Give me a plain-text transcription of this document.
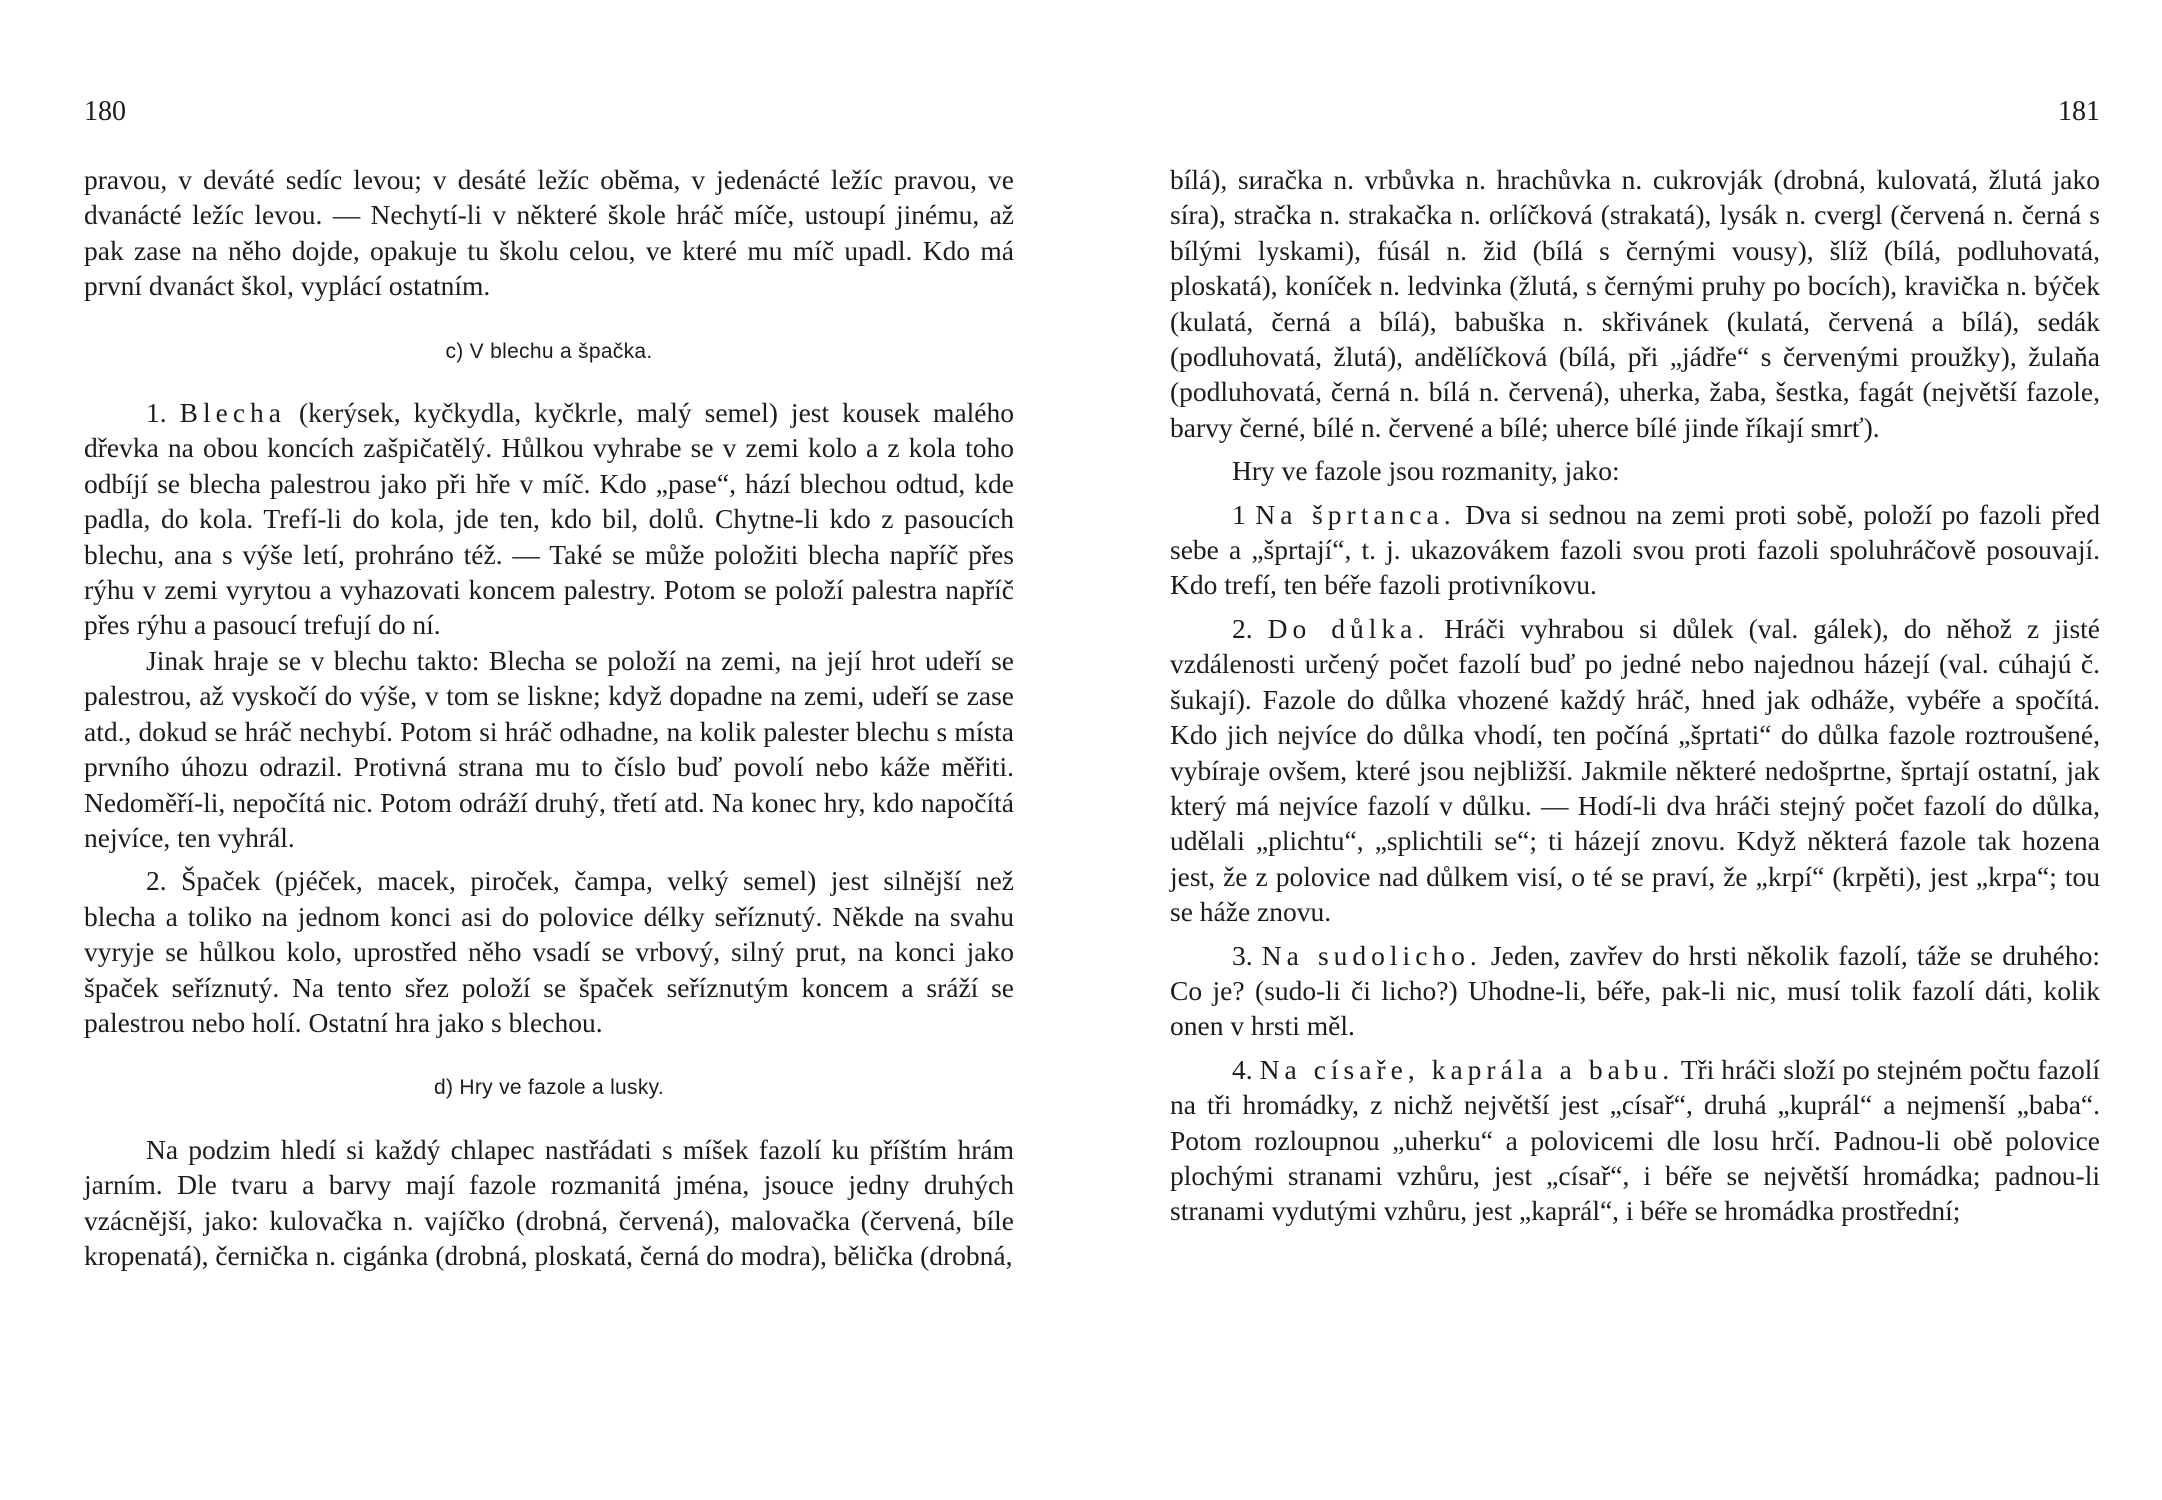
180

pravou, v deváté sedíc levou; v desáté ležíc oběma, v jedenácté ležíc pravou, ve dvanácté ležíc levou. — Nechytí-li v některé škole hráč míče, ustoupí jinému, až pak zase na něho dojde, opakuje tu školu celou, ve které mu míč upadl. Kdo má první dvanáct škol, vyplácí ostatním.

c) V blechu a špačka.

1. Blecha (kerýsek, kyčkydla, kyčkrle, malý semel) jest kousek malého dřevka na obou koncích zašpičatělý. Hůlkou vyhrabe se v zemi kolo a z kola toho odbíjí se blecha palestrou jako při hře v míč. Kdo „pase“, hází blechou odtud, kde padla, do kola. Trefí-li do kola, jde ten, kdo bil, dolů. Chytne-li kdo z pasoucích blechu, ana s výše letí, prohráno též. — Také se může položiti blecha napříč přes rýhu v zemi vyrytou a vyhazovati koncem palestry. Potom se položí palestra napříč přes rýhu a pasoucí trefují do ní.

Jinak hraje se v blechu takto: Blecha se položí na zemi, na její hrot udeří se palestrou, až vyskočí do výše, v tom se liskne; když dopadne na zemi, udeří se zase atd., dokud se hráč nechybí. Potom si hráč odhadne, na kolik palester blechu s místa prvního úhozu odrazil. Protivná strana mu to číslo buď povolí nebo káže měřiti. Nedoměří-li, nepočítá nic. Potom odráží druhý, třetí atd. Na konec hry, kdo napočítá nejvíce, ten vyhrál.

2. Špaček (pjéček, macek, piroček, čampa, velký semel) jest silnější než blecha a toliko na jednom konci asi do polovice délky seříznutý. Někde na svahu vyryje se hůlkou kolo, uprostřed něho vsadí se vrbový, silný prut, na konci jako špaček seříznutý. Na tento sřez položí se špaček seříznutým koncem a sráží se palestrou nebo holí. Ostatní hra jako s blechou.

d) Hry ve fazole a lusky.

Na podzim hledí si každý chlapec nastřádati s míšek fazolí ku příštím hrám jarním. Dle tvaru a barvy mají fazole rozmanitá jména, jsouce jedny druhých vzácnější, jako: kulovačka n. vajíčko (drobná, červená), malovačka (červená, bíle kropenatá), černička n. cigánka (drobná, ploskatá, černá do modra), bělička (drobná,

181

bílá), sиračka n. vrbůvka n. hrachůvka n. cukrovják (drobná, kulovatá, žlutá jako síra), stračka n. strakačka n. orlíčková (strakatá), lysák n. cvergl (červená n. černá s bílými lyskami), fúsál n. žid (bílá s černými vousy), šlíž (bílá, podluhovatá, ploskatá), koníček n. ledvinka (žlutá, s černými pruhy po bocích), kravička n. býček (kulatá, černá a bílá), babuška n. skřivánek (kulatá, červená a bílá), sedák (podluhovatá, žlutá), andělíčková (bílá, při „jádře“ s červenými proužky), žulaňa (podluhovatá, černá n. bílá n. červená), uherka, žaba, šestka, fagát (největší fazole, barvy černé, bílé n. červené a bílé; uherce bílé jinde říkají smrť).

Hry ve fazole jsou rozmanity, jako:

1 Na šprtanca. Dva si sednou na zemi proti sobě, položí po fazoli před sebe a „šprtají“, t. j. ukazovákem fazoli svou proti fazoli spoluhráčově posouvají. Kdo trefí, ten béře fazoli protivníkovu.

2. Do důlka. Hráči vyhrabou si důlek (val. gálek), do něhož z jisté vzdálenosti určený počet fazolí buď po jedné nebo najednou házejí (val. cúhajú č. šukají). Fazole do důlka vhozené každý hráč, hned jak odháže, vybéře a spočítá. Kdo jich nejvíce do důlka vhodí, ten počíná „šprtati“ do důlka fazole roztroušené, vybíraje ovšem, které jsou nejbližší. Jakmile některé nedošprtne, šprtají ostatní, jak který má nejvíce fazolí v důlku. — Hodí-li dva hráči stejný počet fazolí do důlka, udělali „plichtu“, „splichtili se“; ti házejí znovu. Když některá fazole tak hozena jest, že z polovice nad důlkem visí, o té se praví, že „krpí“ (krpěti), jest „krpa“; tou se háže znovu.

3. Na sudolicho. Jeden, zavřev do hrsti několik fazolí, táže se druhého: Co je? (sudo-li či licho?) Uhodne-li, béře, pak-li nic, musí tolik fazolí dáti, kolik onen v hrsti měl.

4. Na císaře, kaprála a babu. Tři hráči složí po stejném počtu fazolí na tři hromádky, z nichž největší jest „císař“, druhá „kuprál“ a nejmenší „baba“. Potom rozloupnou „uherku“ a polovicemi dle losu hrčí. Padnou-li obě polovice plochými stranami vzhůru, jest „císař“, i béře se největší hromádka; padnou-li stranami vydutými vzhůru, jest „kaprál“, i béře se hromádka prostřední;
